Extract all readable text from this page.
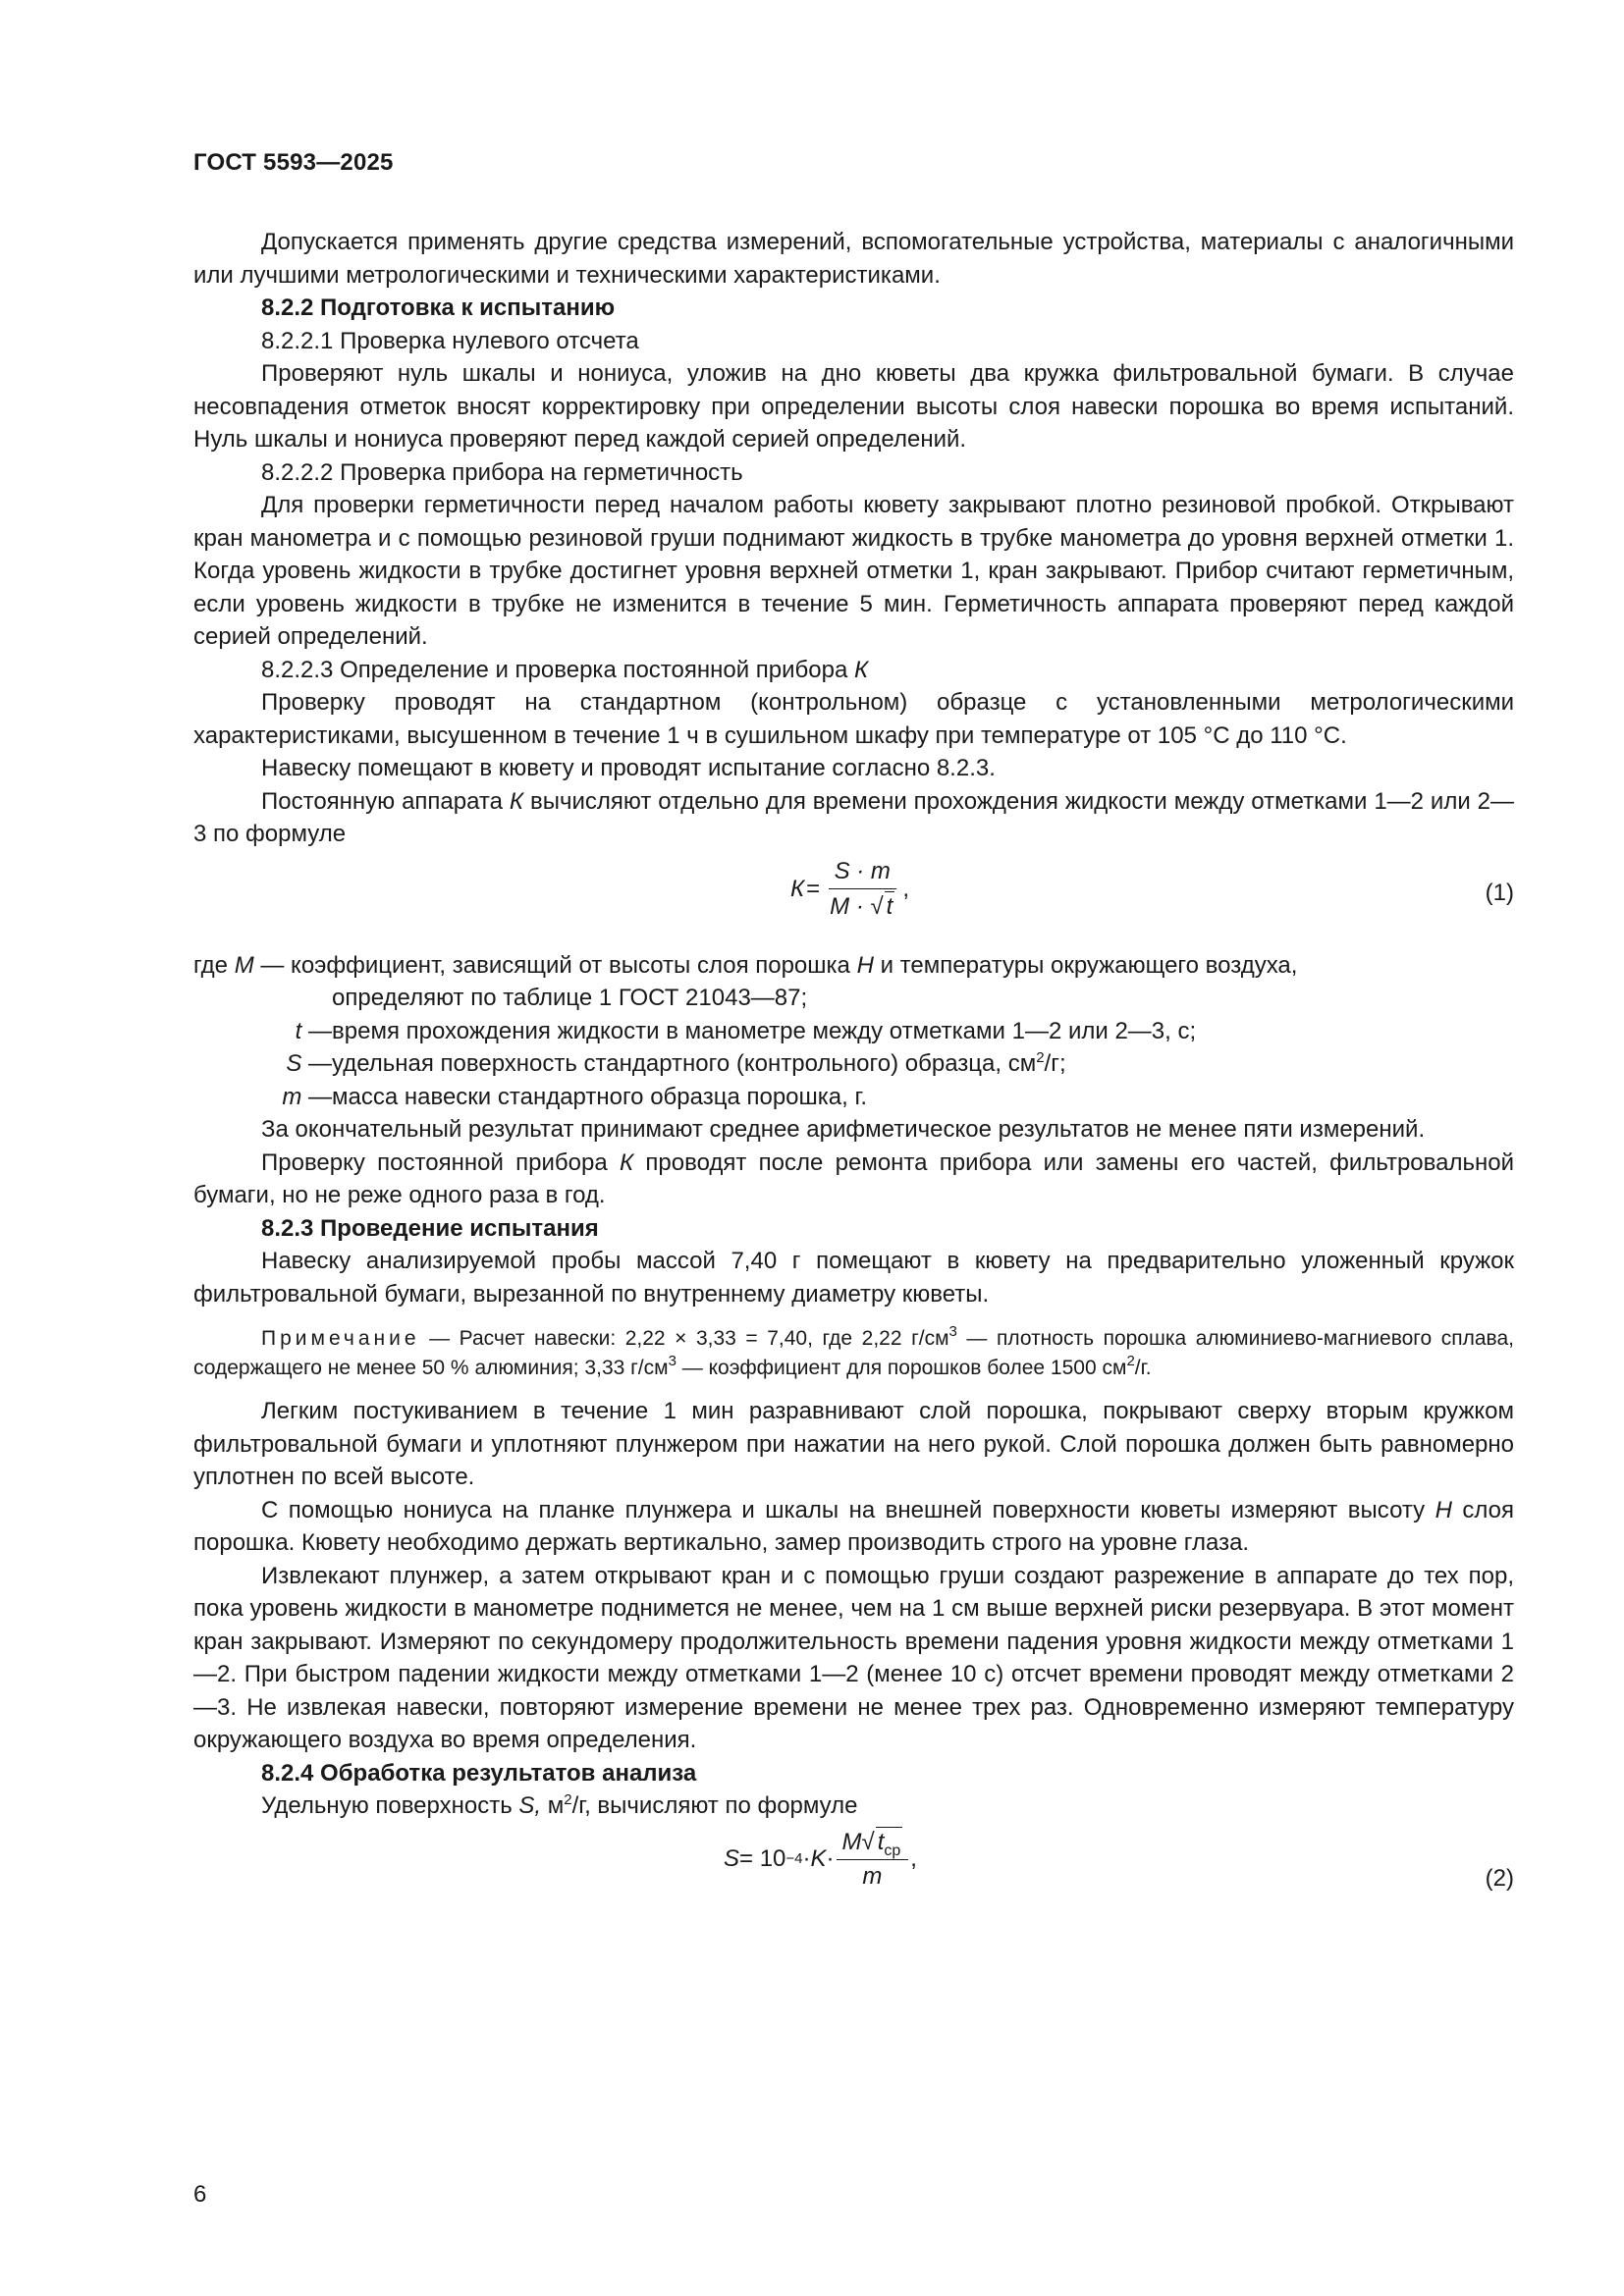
ГОСТ 5593—2025

Допускается применять другие средства измерений, вспомогательные устройства, материалы с аналогичными или лучшими метрологическими и техническими характеристиками.

8.2.2 Подготовка к испытанию

8.2.2.1 Проверка нулевого отсчета

Проверяют нуль шкалы и нониуса, уложив на дно кюветы два кружка фильтровальной бумаги. В случае несовпадения отметок вносят корректировку при определении высоты слоя навески порошка во время испытаний. Нуль шкалы и нониуса проверяют перед каждой серией определений.

8.2.2.2 Проверка прибора на герметичность

Для проверки герметичности перед началом работы кювету закрывают плотно резиновой пробкой. Открывают кран манометра и с помощью резиновой груши поднимают жидкость в трубке манометра до уровня верхней отметки 1. Когда уровень жидкости в трубке достигнет уровня верхней отметки 1, кран закрывают. Прибор считают герметичным, если уровень жидкости в трубке не изменится в течение 5 мин. Герметичность аппарата проверяют перед каждой серией определений.

8.2.2.3 Определение и проверка постоянной прибора К

Проверку проводят на стандартном (контрольном) образце с установленными метрологическими характеристиками, высушенном в течение 1 ч в сушильном шкафу при температуре от 105 °С до 110 °С.

Навеску помещают в кювету и проводят испытание согласно 8.2.3.

Постоянную аппарата К вычисляют отдельно для времени прохождения жидкости между отметками 1—2 или 2—3 по формуле

$К = \frac{S \cdot m}{M \cdot √ t}$ ,	(1)

где M — коэффициент, зависящий от высоты слоя порошка H и температуры окружающего воздуха,
определяют по таблице 1 ГОСТ 21043—87;

t —время прохождения жидкости в манометре между отметками 1—2 или 2—3, с;

S —удельная поверхность стандартного (контрольного) образца, $см^2/г$;

m —масса навески стандартного образца порошка, г.

За окончательный результат принимают среднее арифметическое результатов не менее пяти измерений.

Проверку постоянной прибора К проводят после ремонта прибора или замены его частей, фильтровальной бумаги, но не реже одного раза в год.

8.2.3 Проведение испытания

Навеску анализируемой пробы массой 7,40 г помещают в кювету на предварительно уложенный кружок фильтровальной бумаги, вырезанной по внутреннему диаметру кюветы.

Примечание — Расчет навески: 2,22 × 3,33 = 7,40, где 2,22 $г/см^3$ — плотность порошка алюминиево-магниевого сплава, содержащего не менее 50 % алюминия; 3,33 $г/см^3$ — коэффициент для порошков более 1500 $см^2/г$.

Легким постукиванием в течение 1 мин разравнивают слой порошка, покрывают сверху вторым кружком фильтровальной бумаги и уплотняют плунжером при нажатии на него рукой. Слой порошка должен быть равномерно уплотнен по всей высоте.

С помощью нониуса на планке плунжера и шкалы на внешней поверхности кюветы измеряют высоту H слоя порошка. Кювету необходимо держать вертикально, замер производить строго на уровне глаза.

Извлекают плунжер, а затем открывают кран и с помощью груши создают разрежение в аппарате до тех пор, пока уровень жидкости в манометре поднимется не менее, чем на 1 см выше верхней риски резервуара. В этот момент кран закрывают. Измеряют по секундомеру продолжительность времени падения уровня жидкости между отметками 1—2. При быстром падении жидкости между отметками 1—2 (менее 10 с) отсчет времени проводят между отметками 2—3. Не извлекая навески, повторяют измерение времени не менее трех раз. Одновременно измеряют температуру окружающего воздуха во время определения.

8.2.4 Обработка результатов анализа

Удельную поверхность S, $м^2/г$, вычисляют по формуле

$S = 10 -4 \cdot K \cdot \frac{M√ t_{ср}}{m}$ ,
(2)
6
